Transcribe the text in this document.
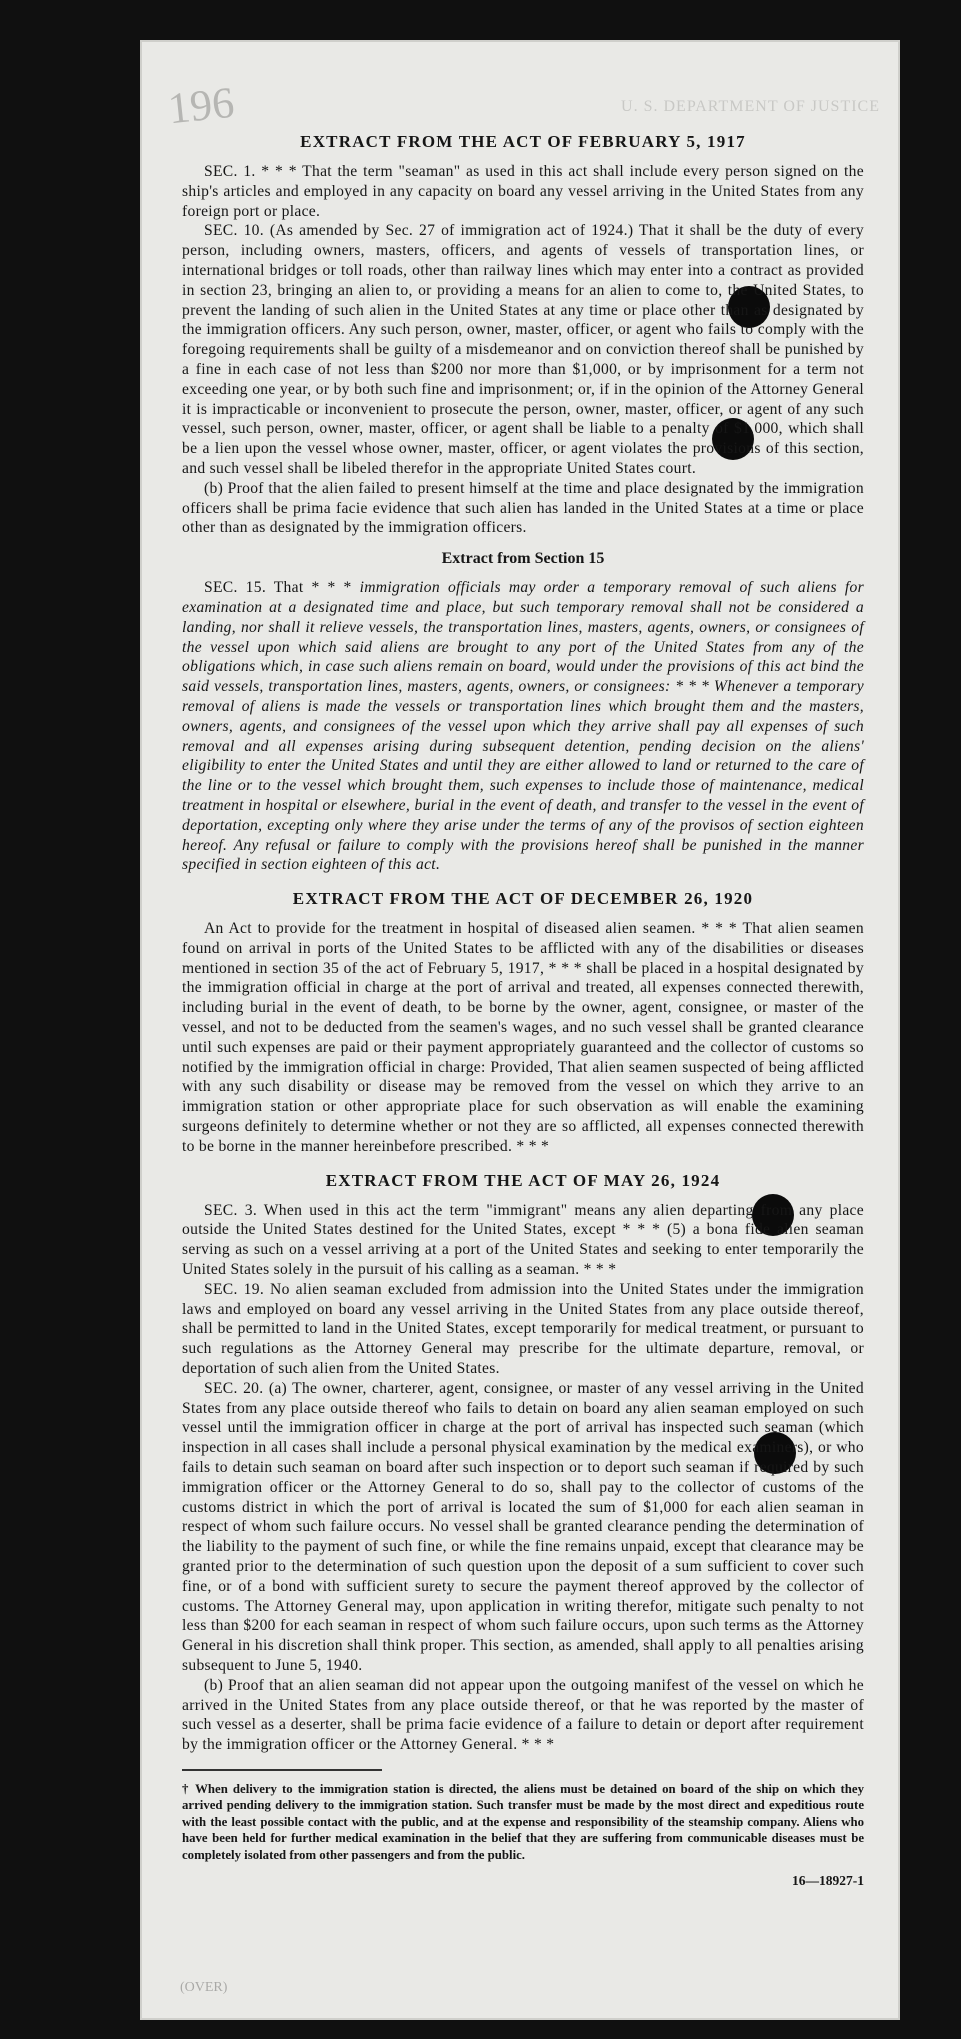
196	U. S. DEPARTMENT OF JUSTICE
EXTRACT FROM THE ACT OF FEBRUARY 5, 1917

SEC. 1. * * * That the term "seaman" as used in this act shall include every person signed on the ship's articles and employed in any capacity on board any vessel arriving in the United States from any foreign port or place.

SEC. 10. (As amended by Sec. 27 of immigration act of 1924.) That it shall be the duty of every person, including owners, masters, officers, and agents of vessels of transportation lines, or international bridges or toll roads, other than railway lines which may enter into a contract as provided in section 23, bringing an alien to, or providing a means for an alien to come to, the United States, to prevent the landing of such alien in the United States at any time or place other than as designated by the immigration officers. Any such person, owner, master, officer, or agent who fails to comply with the foregoing requirements shall be guilty of a misdemeanor and on conviction thereof shall be punished by a fine in each case of not less than $200 nor more than $1,000, or by imprisonment for a term not exceeding one year, or by both such fine and imprisonment; or, if in the opinion of the Attorney General it is impracticable or inconvenient to prosecute the person, owner, master, officer, or agent of any such vessel, such person, owner, master, officer, or agent shall be liable to a penalty of $1,000, which shall be a lien upon the vessel whose owner, master, officer, or agent violates the provisions of this section, and such vessel shall be libeled therefor in the appropriate United States court.

(b) Proof that the alien failed to present himself at the time and place designated by the immigration officers shall be prima facie evidence that such alien has landed in the United States at a time or place other than as designated by the immigration officers.

Extract from Section 15

SEC. 15. That * * * immigration officials may order a temporary removal of such aliens for examination at a designated time and place, but such temporary removal shall not be considered a landing, nor shall it relieve vessels, the transportation lines, masters, agents, owners, or consignees of the vessel upon which said aliens are brought to any port of the United States from any of the obligations which, in case such aliens remain on board, would under the provisions of this act bind the said vessels, transportation lines, masters, agents, owners, or consignees: * * * Whenever a temporary removal of aliens is made the vessels or transportation lines which brought them and the masters, owners, agents, and consignees of the vessel upon which they arrive shall pay all expenses of such removal and all expenses arising during subsequent detention, pending decision on the aliens' eligibility to enter the United States and until they are either allowed to land or returned to the care of the line or to the vessel which brought them, such expenses to include those of maintenance, medical treatment in hospital or elsewhere, burial in the event of death, and transfer to the vessel in the event of deportation, excepting only where they arise under the terms of any of the provisos of section eighteen hereof. Any refusal or failure to comply with the provisions hereof shall be punished in the manner specified in section eighteen of this act.

EXTRACT FROM THE ACT OF DECEMBER 26, 1920

An Act to provide for the treatment in hospital of diseased alien seamen. * * * That alien seamen found on arrival in ports of the United States to be afflicted with any of the disabilities or diseases mentioned in section 35 of the act of February 5, 1917, * * * shall be placed in a hospital designated by the immigration official in charge at the port of arrival and treated, all expenses connected therewith, including burial in the event of death, to be borne by the owner, agent, consignee, or master of the vessel, and not to be deducted from the seamen's wages, and no such vessel shall be granted clearance until such expenses are paid or their payment appropriately guaranteed and the collector of customs so notified by the immigration official in charge: Provided, That alien seamen suspected of being afflicted with any such disability or disease may be removed from the vessel on which they arrive to an immigration station or other appropriate place for such observation as will enable the examining surgeons definitely to determine whether or not they are so afflicted, all expenses connected therewith to be borne in the manner hereinbefore prescribed. * * *

EXTRACT FROM THE ACT OF MAY 26, 1924

SEC. 3. When used in this act the term "immigrant" means any alien departing from any place outside the United States destined for the United States, except * * * (5) a bona fide alien seaman serving as such on a vessel arriving at a port of the United States and seeking to enter temporarily the United States solely in the pursuit of his calling as a seaman. * * *

SEC. 19. No alien seaman excluded from admission into the United States under the immigration laws and employed on board any vessel arriving in the United States from any place outside thereof, shall be permitted to land in the United States, except temporarily for medical treatment, or pursuant to such regulations as the Attorney General may prescribe for the ultimate departure, removal, or deportation of such alien from the United States.

SEC. 20. (a) The owner, charterer, agent, consignee, or master of any vessel arriving in the United States from any place outside thereof who fails to detain on board any alien seaman employed on such vessel until the immigration officer in charge at the port of arrival has inspected such seaman (which inspection in all cases shall include a personal physical examination by the medical examiners), or who fails to detain such seaman on board after such inspection or to deport such seaman if required by such immigration officer or the Attorney General to do so, shall pay to the collector of customs of the customs district in which the port of arrival is located the sum of $1,000 for each alien seaman in respect of whom such failure occurs. No vessel shall be granted clearance pending the determination of the liability to the payment of such fine, or while the fine remains unpaid, except that clearance may be granted prior to the determination of such question upon the deposit of a sum sufficient to cover such fine, or of a bond with sufficient surety to secure the payment thereof approved by the collector of customs. The Attorney General may, upon application in writing therefor, mitigate such penalty to not less than $200 for each seaman in respect of whom such failure occurs, upon such terms as the Attorney General in his discretion shall think proper. This section, as amended, shall apply to all penalties arising subsequent to June 5, 1940.

(b) Proof that an alien seaman did not appear upon the outgoing manifest of the vessel on which he arrived in the United States from any place outside thereof, or that he was reported by the master of such vessel as a deserter, shall be prima facie evidence of a failure to detain or deport after requirement by the immigration officer or the Attorney General. * * *

† When delivery to the immigration station is directed, the aliens must be detained on board of the ship on which they arrived pending delivery to the immigration station. Such transfer must be made by the most direct and expeditious route with the least possible contact with the public, and at the expense and responsibility of the steamship company. Aliens who have been held for further medical examination in the belief that they are suffering from communicable diseases must be completely isolated from other passengers and from the public.

16—18927-1
(OVER)
